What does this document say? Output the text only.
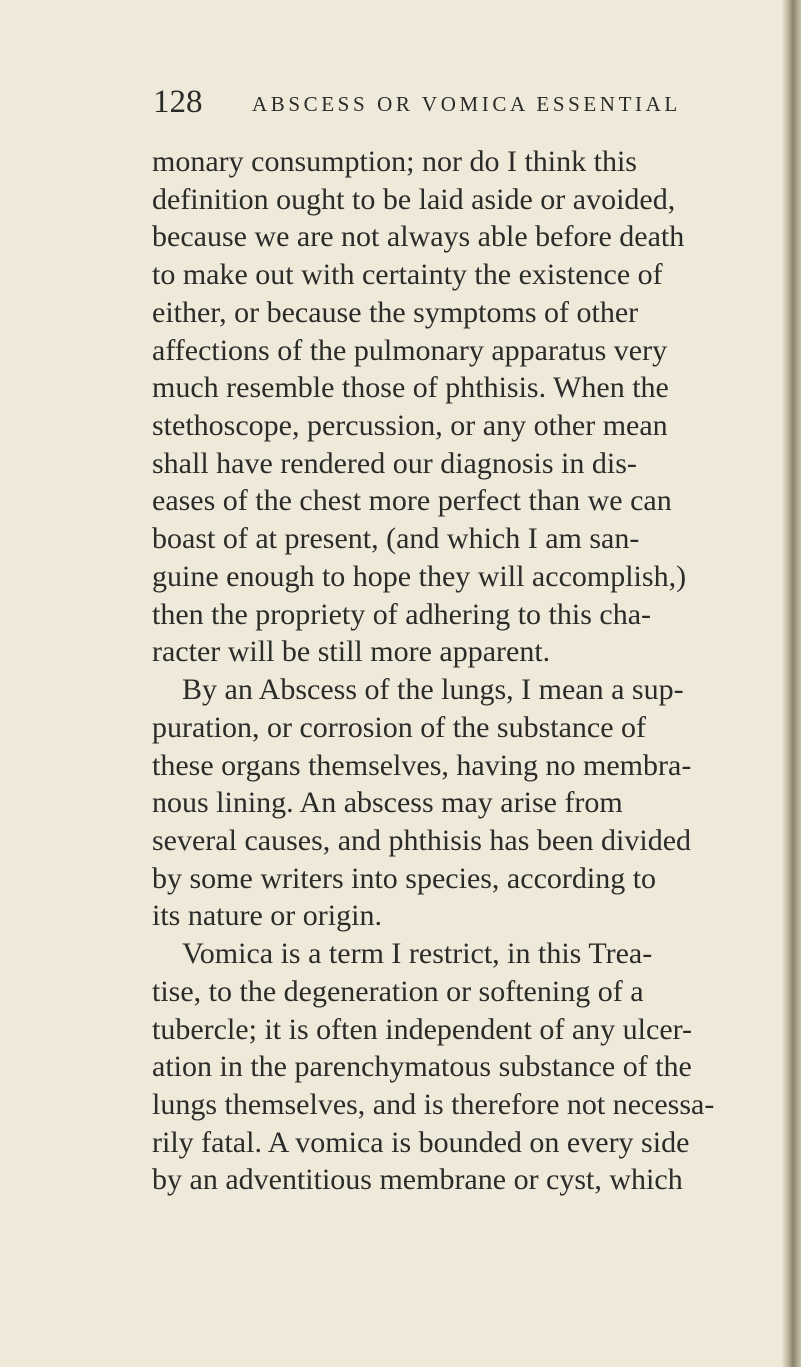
128 ABSCESS OR VOMICA ESSENTIAL
monary consumption; nor do I think this
definition ought to be laid aside or avoided,
because we are not always able before death
to make out with certainty the existence of
either, or because the symptoms of other
affections of the pulmonary apparatus very
much resemble those of phthisis. When the
stethoscope, percussion, or any other mean
shall have rendered our diagnosis in dis-
eases of the chest more perfect than we can
boast of at present, (and which I am san-
guine enough to hope they will accomplish,)
then the propriety of adhering to this cha-
racter will be still more apparent.
By an Abscess of the lungs, I mean a sup-
puration, or corrosion of the substance of
these organs themselves, having no membra-
nous lining. An abscess may arise from
several causes, and phthisis has been divided
by some writers into species, according to
its nature or origin.
Vomica is a term I restrict, in this Trea-
tise, to the degeneration or softening of a
tubercle; it is often independent of any ulcer-
ation in the parenchymatous substance of the
lungs themselves, and is therefore not necessa-
rily fatal. A vomica is bounded on every side
by an adventitious membrane or cyst, which
